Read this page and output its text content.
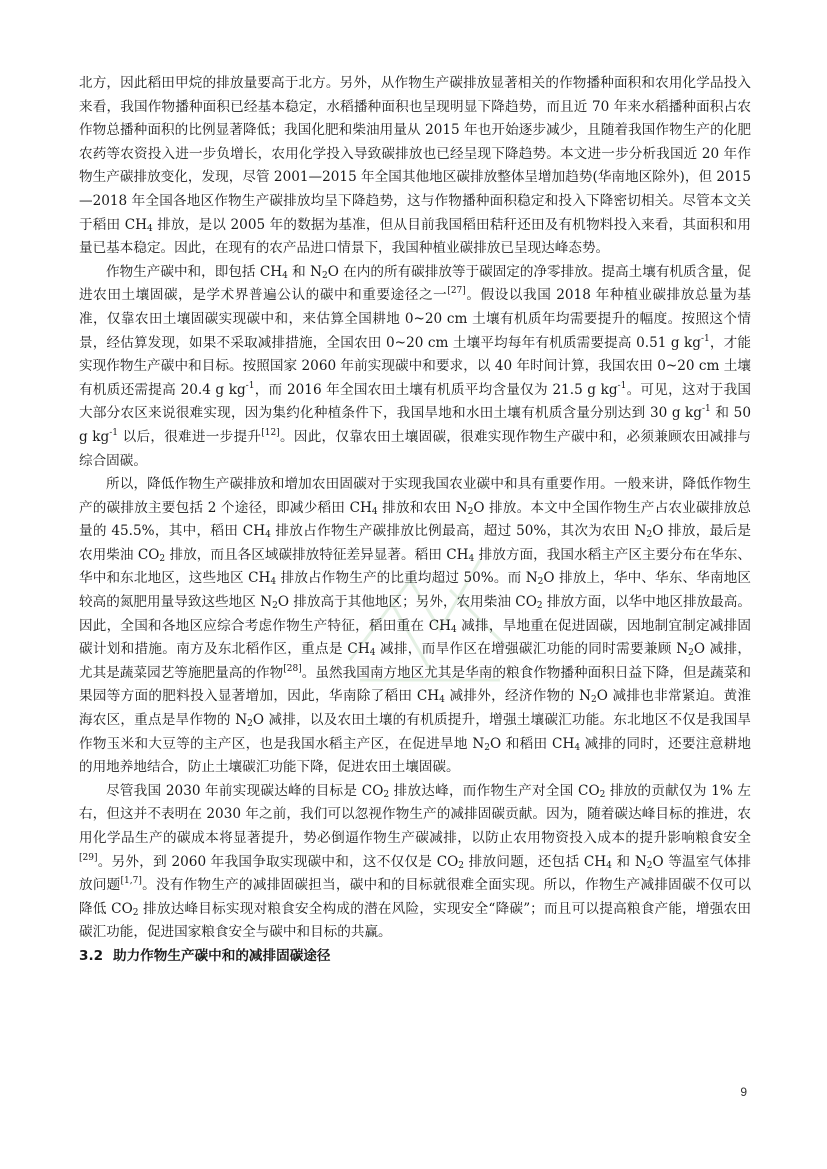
北方，因此稻田甲烷的排放量要高于北方。另外，从作物生产碳排放显著相关的作物播种面积和农用化学品投入来看，我国作物播种面积已经基本稳定，水稻播种面积也呈现明显下降趋势，而且近 70 年来水稻播种面积占农作物总播种面积的比例显著降低；我国化肥和柴油用量从 2015 年也开始逐步减少，且随着我国作物生产的化肥农药等农资投入进一步负增长，农用化学投入导致碳排放也已经呈现下降趋势。本文进一步分析我国近 20 年作物生产碳排放变化，发现，尽管 2001—2015 年全国其他地区碳排放整体呈增加趋势(华南地区除外)，但 2015—2018 年全国各地区作物生产碳排放均呈下降趋势，这与作物播种面积稳定和投入下降密切相关。尽管本文关于稻田 $CH_4$ 排放，是以 2005 年的数据为基准，但从目前我国稻田秸秆还田及有机物料投入来看，其面积和用量已基本稳定。因此，在现有的农产品进口情景下，我国种植业碳排放已呈现达峰态势。

作物生产碳中和，即包括 $CH_4$ 和 $N_2O$ 在内的所有碳排放等于碳固定的净零排放。提高土壤有机质含量，促进农田土壤固碳，是学术界普遍公认的碳中和重要途径之一[27]。假设以我国 2018 年种植业碳排放总量为基准，仅靠农田土壤固碳实现碳中和，来估算全国耕地 0~20 cm 土壤有机质年均需要提升的幅度。按照这个情景，经估算发现，如果不采取减排措施，全国农田 0~20 cm 土壤平均每年有机质需要提高 0.51 g $kg^{-1}$，才能实现作物生产碳中和目标。按照国家 2060 年前实现碳中和要求，以 40 年时间计算，我国农田 0~20 cm 土壤有机质还需提高 20.4 g $kg^{-1}$，而 2016 年全国农田土壤有机质平均含量仅为 21.5 g $kg^{-1}$。可见，这对于我国大部分农区来说很难实现，因为集约化种植条件下，我国旱地和水田土壤有机质含量分别达到 30 g $kg^{-1}$ 和 50 g $kg^{-1}$ 以后，很难进一步提升[12]。因此，仅靠农田土壤固碳，很难实现作物生产碳中和，必须兼顾农田减排与综合固碳。

所以，降低作物生产碳排放和增加农田固碳对于实现我国农业碳中和具有重要作用。一般来讲，降低作物生产的碳排放主要包括 2 个途径，即减少稻田 $CH_4$ 排放和农田 $N_2O$ 排放。本文中全国作物生产占农业碳排放总量的 45.5%，其中，稻田 $CH_4$ 排放占作物生产碳排放比例最高，超过 50%，其次为农田 $N_2O$ 排放，最后是农用柴油 $CO_2$ 排放，而且各区域碳排放特征差异显著。稻田 $CH_4$ 排放方面，我国水稻主产区主要分布在华东、华中和东北地区，这些地区 $CH_4$ 排放占作物生产的比重均超过 50%。而 $N_2O$ 排放上，华中、华东、华南地区较高的氮肥用量导致这些地区 $N_2O$ 排放高于其他地区；另外，农用柴油 $CO_2$ 排放方面，以华中地区排放最高。因此，全国和各地区应综合考虑作物生产特征，稻田重在 $CH_4$ 减排，旱地重在促进固碳，因地制宜制定减排固碳计划和措施。南方及东北稻作区，重点是 $CH_4$ 减排，而旱作区在增强碳汇功能的同时需要兼顾 $N_2O$ 减排，尤其是蔬菜园艺等施肥量高的作物[28]。虽然我国南方地区尤其是华南的粮食作物播种面积日益下降，但是蔬菜和果园等方面的肥料投入显著增加，因此，华南除了稻田 $CH_4$ 减排外，经济作物的 $N_2O$ 减排也非常紧迫。黄淮海农区，重点是旱作物的 $N_2O$ 减排，以及农田土壤的有机质提升，增强土壤碳汇功能。东北地区不仅是我国旱作物玉米和大豆等的主产区，也是我国水稻主产区，在促进旱地 $N_2O$ 和稻田 $CH_4$ 减排的同时，还要注意耕地的用地养地结合，防止土壤碳汇功能下降，促进农田土壤固碳。

尽管我国 2030 年前实现碳达峰的目标是 $CO_2$ 排放达峰，而作物生产对全国 $CO_2$ 排放的贡献仅为 1% 左右，但这并不表明在 2030 年之前，我们可以忽视作物生产的减排固碳贡献。因为，随着碳达峰目标的推进，农用化学品生产的碳成本将显著提升，势必倒逼作物生产碳减排，以防止农用物资投入成本的提升影响粮食安全[29]。另外，到 2060 年我国争取实现碳中和，这不仅仅是 $CO_2$ 排放问题，还包括 $CH_4$ 和 $N_2O$ 等温室气体排放问题[1,7]。没有作物生产的减排固碳担当，碳中和的目标就很难全面实现。所以，作物生产减排固碳不仅可以降低 $CO_2$ 排放达峰目标实现对粮食安全构成的潜在风险，实现安全“降碳”；而且可以提高粮食产能，增强农田碳汇功能，促进国家粮食安全与碳中和目标的共赢。

3.2 助力作物生产碳中和的减排固碳途径
9
